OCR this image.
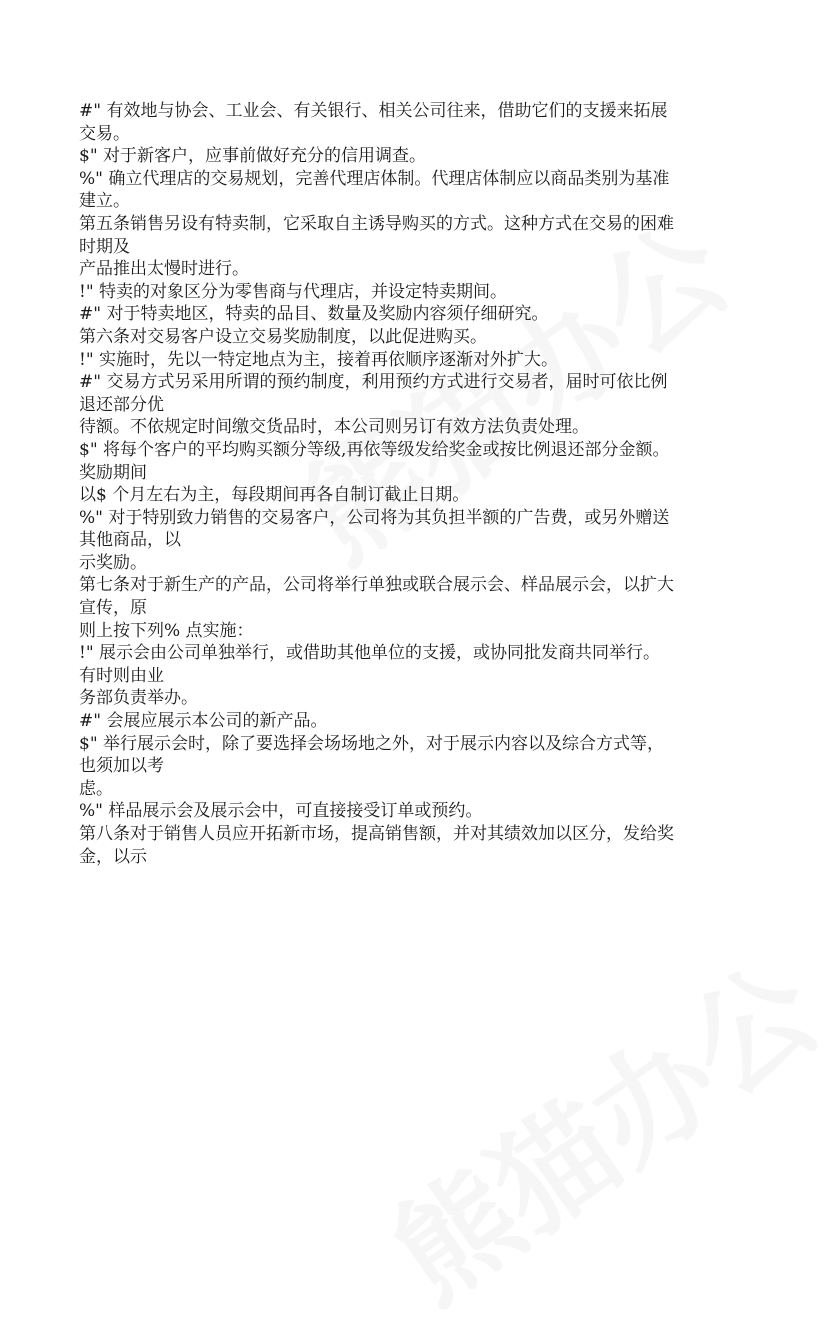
#" 有效地与协会、工业会、有关银行、相关公司往来，借助它们的支援来拓展
交易。
$" 对于新客户，应事前做好充分的信用调查。
%" 确立代理店的交易规划，完善代理店体制。代理店体制应以商品类别为基准
建立。
第五条销售另设有特卖制，它采取自主诱导购买的方式。这种方式在交易的困难
时期及
产品推出太慢时进行。
!" 特卖的对象区分为零售商与代理店，并设定特卖期间。
#" 对于特卖地区，特卖的品目、数量及奖励内容须仔细研究。
第六条对交易客户设立交易奖励制度，以此促进购买。
!" 实施时，先以一特定地点为主，接着再依顺序逐渐对外扩大。
#" 交易方式另采用所谓的预约制度，利用预约方式进行交易者，届时可依比例
退还部分优
待额。不依规定时间缴交货品时，本公司则另订有效方法负责处理。
$" 将每个客户的平均购买额分等级,再依等级发给奖金或按比例退还部分金额。
奖励期间
以$ 个月左右为主，每段期间再各自制订截止日期。
%" 对于特别致力销售的交易客户，公司将为其负担半额的广告费，或另外赠送
其他商品，以
示奖励。
第七条对于新生产的产品，公司将举行单独或联合展示会、样品展示会，以扩大
宣传，原
则上按下列% 点实施：
!" 展示会由公司单独举行，或借助其他单位的支援，或协同批发商共同举行。
有时则由业
务部负责举办。
#" 会展应展示本公司的新产品。
$" 举行展示会时，除了要选择会场场地之外，对于展示内容以及综合方式等，
也须加以考
虑。
%" 样品展示会及展示会中，可直接接受订单或预约。
第八条对于销售人员应开拓新市场，提高销售额，并对其绩效加以区分，发给奖
金，以示
